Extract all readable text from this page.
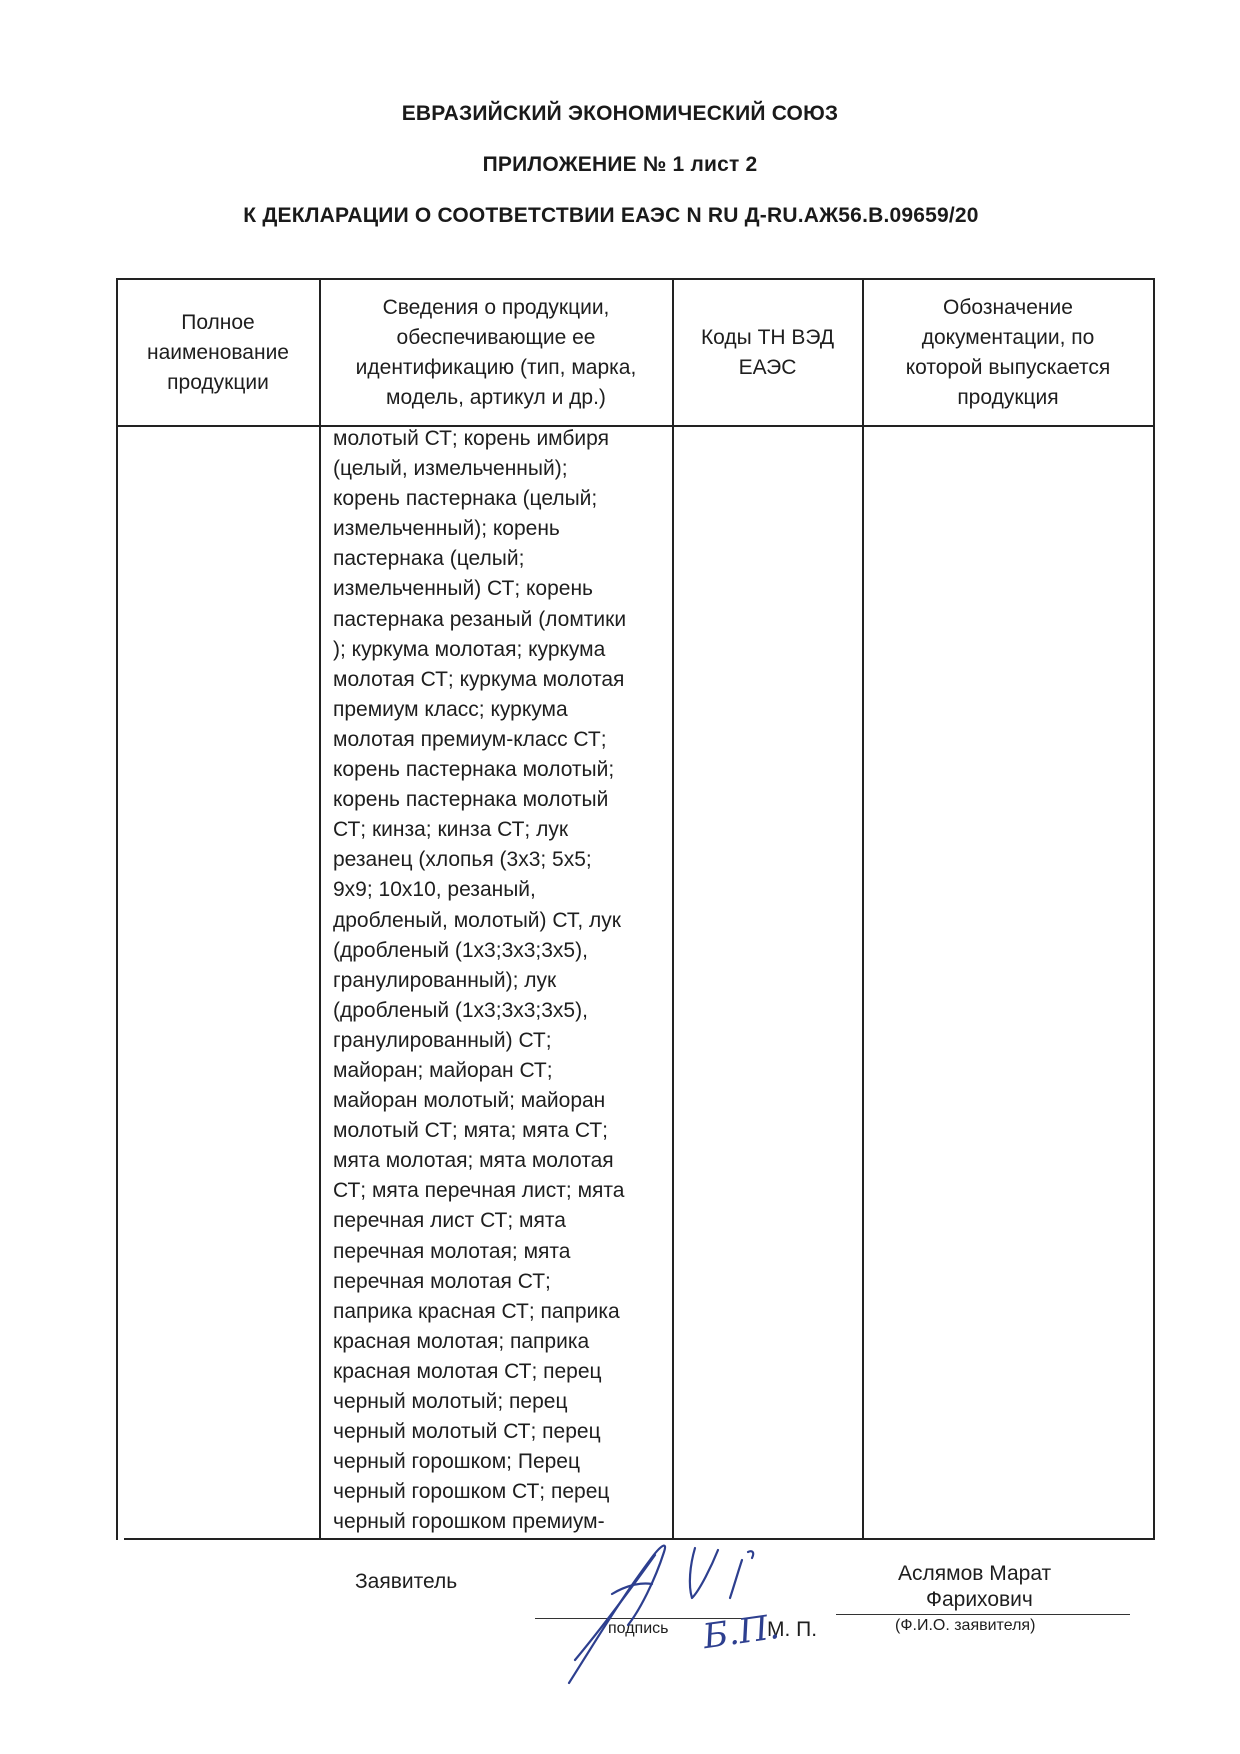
ЕВРАЗИЙСКИЙ ЭКОНОМИЧЕСКИЙ СОЮЗ
ПРИЛОЖЕНИЕ № 1 лист 2
К ДЕКЛАРАЦИИ О СООТВЕТСТВИИ ЕАЭС N RU Д-RU.АЖ56.В.09659/20
Полное
наименование
продукции
Сведения о продукции,
обеспечивающие ее
идентификацию (тип, марка,
модель, артикул и др.)
Коды ТН ВЭД
ЕАЭС
Обозначение
документации, по
которой выпускается
продукция
молотый СТ; корень имбиря
(целый, измельченный);
корень пастернака (целый;
измельченный); корень
пастернака (целый;
измельченный) СТ; корень
пастернака резаный (ломтики
); куркума молотая; куркума
молотая СТ; куркума молотая
премиум класс; куркума
молотая премиум-класс СТ;
корень пастернака молотый;
корень пастернака молотый
СТ; кинза; кинза СТ; лук
резанец (хлопья (3х3; 5х5;
9х9; 10х10, резаный,
дробленый, молотый) СТ, лук
(дробленый (1х3;3х3;3х5),
гранулированный); лук
(дробленый (1х3;3х3;3х5),
гранулированный) СТ;
майоран; майоран СТ;
майоран молотый; майоран
молотый СТ; мята; мята СТ;
мята молотая; мята молотая
СТ; мята перечная лист; мята
перечная лист СТ; мята
перечная молотая; мята
перечная молотая СТ;
паприка красная СТ; паприка
красная молотая; паприка
красная молотая СТ; перец
черный молотый; перец
черный молотый СТ; перец
черный горошком; Перец
черный горошком СТ; перец
черный горошком премиум-
Заявитель
подпись	М. П.
Аслямов Марат
Фарихович
(Ф.И.О. заявителя)
Б.П.
